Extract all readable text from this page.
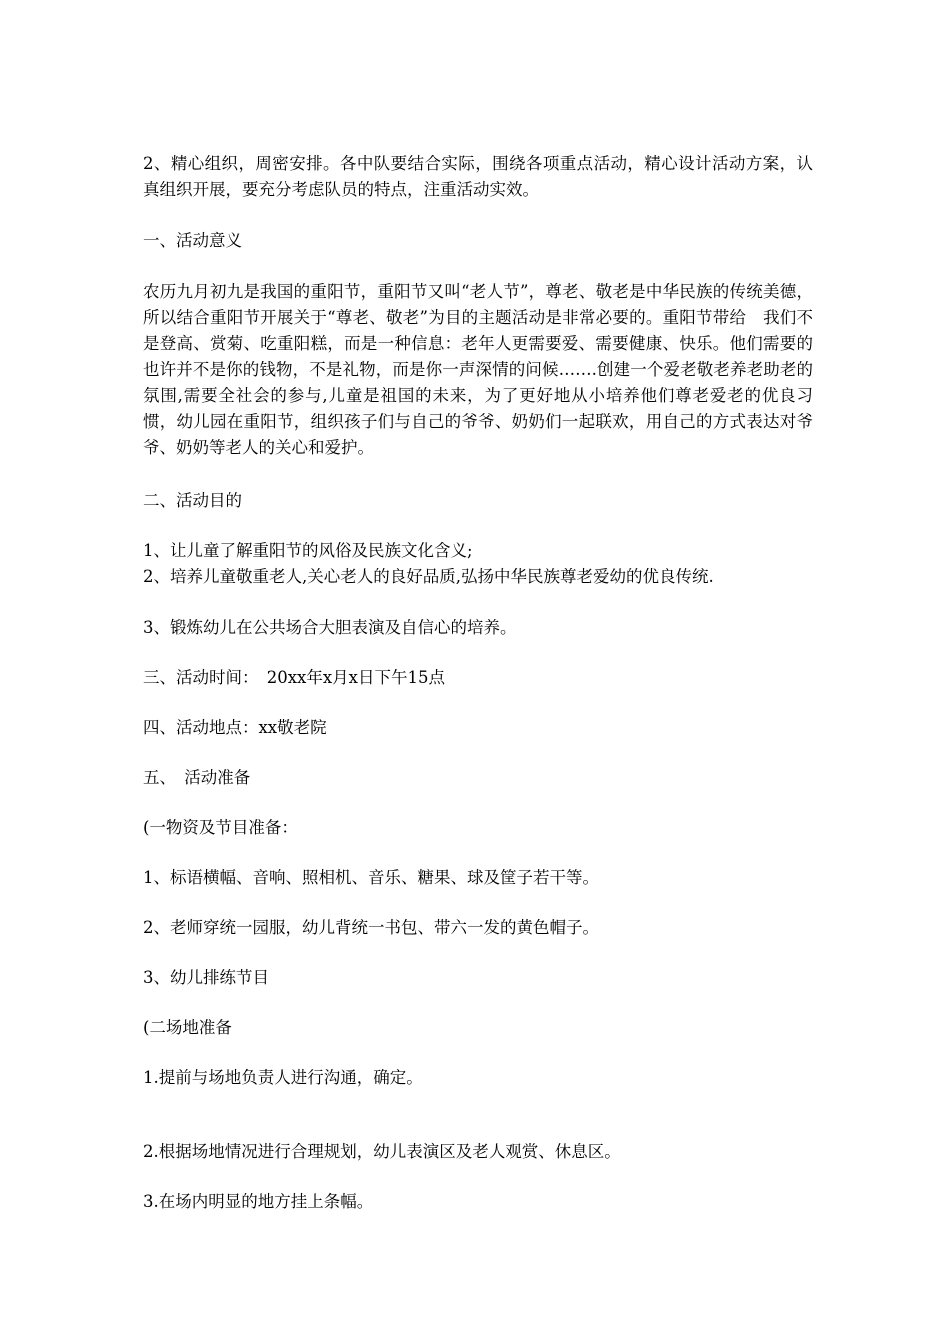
2、精心组织，周密安排。各中队要结合实际，围绕各项重点活动，精心设计活动方案，认真组织开展，要充分考虑队员的特点，注重活动实效。

一、活动意义

农历九月初九是我国的重阳节，重阳节又叫“老人节”，尊老、敬老是中华民族的传统美德，所以结合重阳节开展关于“尊老、敬老”为目的主题活动是非常必要的。重阳节带给　我们不是登高、赏菊、吃重阳糕，而是一种信息：老年人更需要爱、需要健康、快乐。他们需要的也许并不是你的钱物，不是礼物，而是你一声深情的问候…….创建一个爱老敬老养老助老的氛围,需要全社会的参与,儿童是祖国的未来，为了更好地从小培养他们尊老爱老的优良习惯，幼儿园在重阳节，组织孩子们与自己的爷爷、奶奶们一起联欢，用自己的方式表达对爷爷、奶奶等老人的关心和爱护。

二、活动目的

1、让儿童了解重阳节的风俗及民族文化含义;

2、培养儿童敬重老人,关心老人的良好品质,弘扬中华民族尊老爱幼的优良传统.

3、锻炼幼儿在公共场合大胆表演及自信心的培养。

三、活动时间：　20xx年x月x日下午15点

四、活动地点：xx敬老院

五、　活动准备

(一物资及节目准备：

1、标语横幅、音响、照相机、音乐、糖果、球及筐子若干等。

2、老师穿统一园服，幼儿背统一书包、带六一发的黄色帽子。

3、幼儿排练节目

(二场地准备

1.提前与场地负责人进行沟通，确定。

2.根据场地情况进行合理规划，幼儿表演区及老人观赏、休息区。

3.在场内明显的地方挂上条幅。
